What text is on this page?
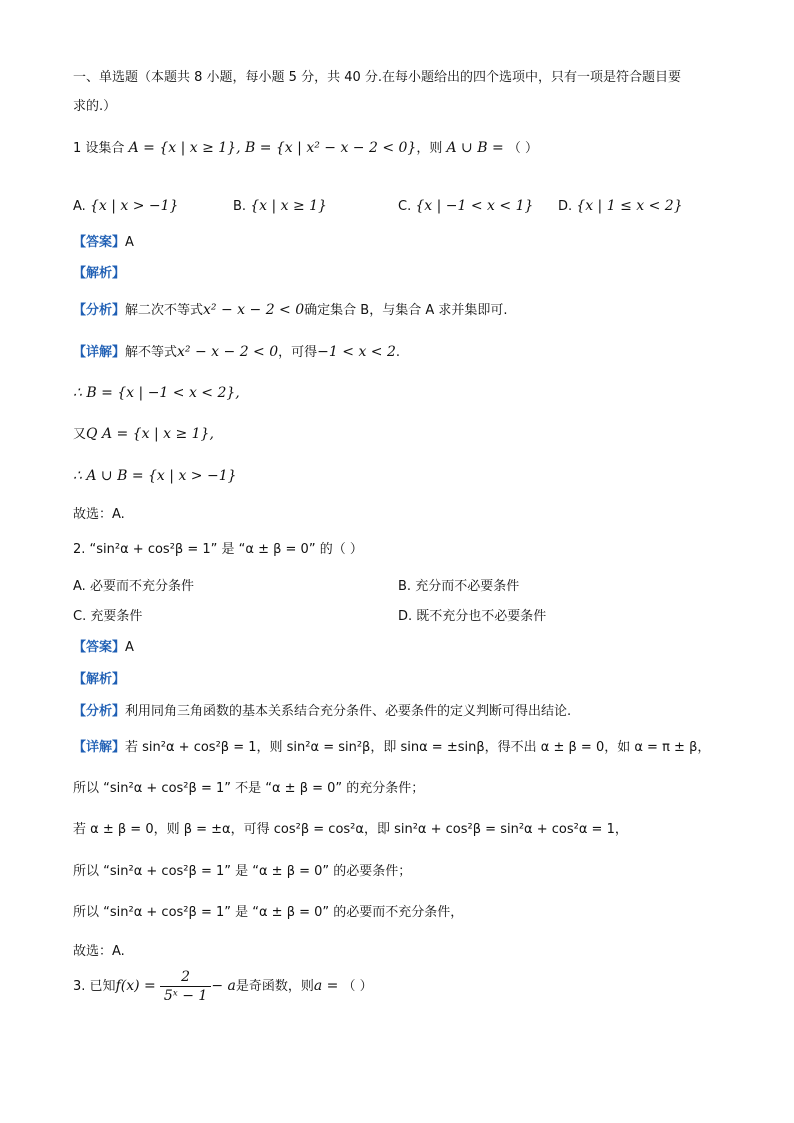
一、单选题（本题共 8 小题，每小题 5 分，共 40 分.在每小题给出的四个选项中，只有一项是符合题目要
求的.）
1 设集合 A = {x | x ≥ 1}, B = {x | x² − x − 2 < 0}，则 A ∪ B = （ ）
A. {x | x > −1}	B. {x | x ≥ 1}	C. {x | −1 < x < 1} D. {x | 1 ≤ x < 2}
【答案】A
【解析】
【分析】解二次不等式x² − x − 2 < 0确定集合 B，与集合 A 求并集即可.
【详解】解不等式x² − x − 2 < 0，可得−1 < x < 2.
∴ B = {x | −1 < x < 2},
又Q A = {x | x ≥ 1},
∴ A ∪ B = {x | x > −1}
故选：A.
2. “sin²α + cos²β = 1” 是 “α ± β = 0” 的（ ）
A. 必要而不充分条件	B. 充分而不必要条件
C. 充要条件	D. 既不充分也不必要条件
【答案】A
【解析】
【分析】利用同角三角函数的基本关系结合充分条件、必要条件的定义判断可得出结论.
【详解】若 sin²α + cos²β = 1，则 sin²α = sin²β，即 sinα = ±sinβ，得不出 α ± β = 0，如 α = π ± β，
所以 “sin²α + cos²β = 1” 不是 “α ± β = 0” 的充分条件；
若 α ± β = 0，则 β = ±α，可得 cos²β = cos²α，即 sin²α + cos²β = sin²α + cos²α = 1，
所以 “sin²α + cos²β = 1” 是 “α ± β = 0” 的必要条件；
所以 “sin²α + cos²β = 1” 是 “α ± β = 0” 的必要而不充分条件，
故选：A.
3. 已知$f(x) = \frac{2}{\text{5ˣ − 1}} - a$是奇函数，则a = （ ）
